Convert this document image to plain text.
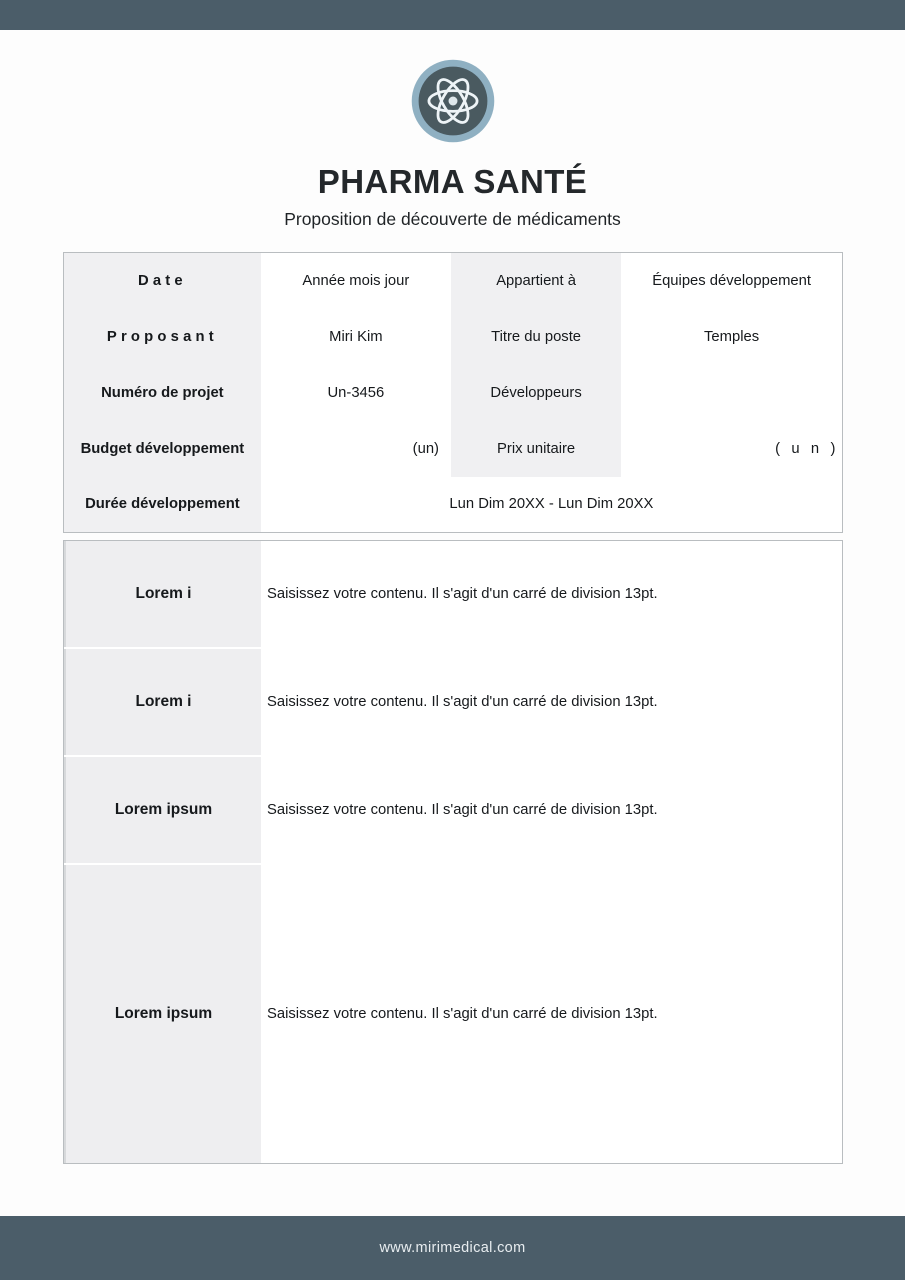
PHARMA SANTÉ
Proposition de découverte de médicaments
Date	Année mois jour	Appartient à	Équipes développement
Proposant	Miri Kim	Titre du poste	Temples
Numéro de projet	Un-3456	Développeurs	
Budget développement	(un)	Prix unitaire	( u n )
Durée développement	Lun Dim 20XX - Lun Dim 20XX		
Lorem i	Saisissez votre contenu. Il s'agit d'un carré de division 13pt.
Lorem i	Saisissez votre contenu. Il s'agit d'un carré de division 13pt.
Lorem ipsum	Saisissez votre contenu. Il s'agit d'un carré de division 13pt.
Lorem ipsum	Saisissez votre contenu. Il s'agit d'un carré de division 13pt.
www.mirimedical.com
